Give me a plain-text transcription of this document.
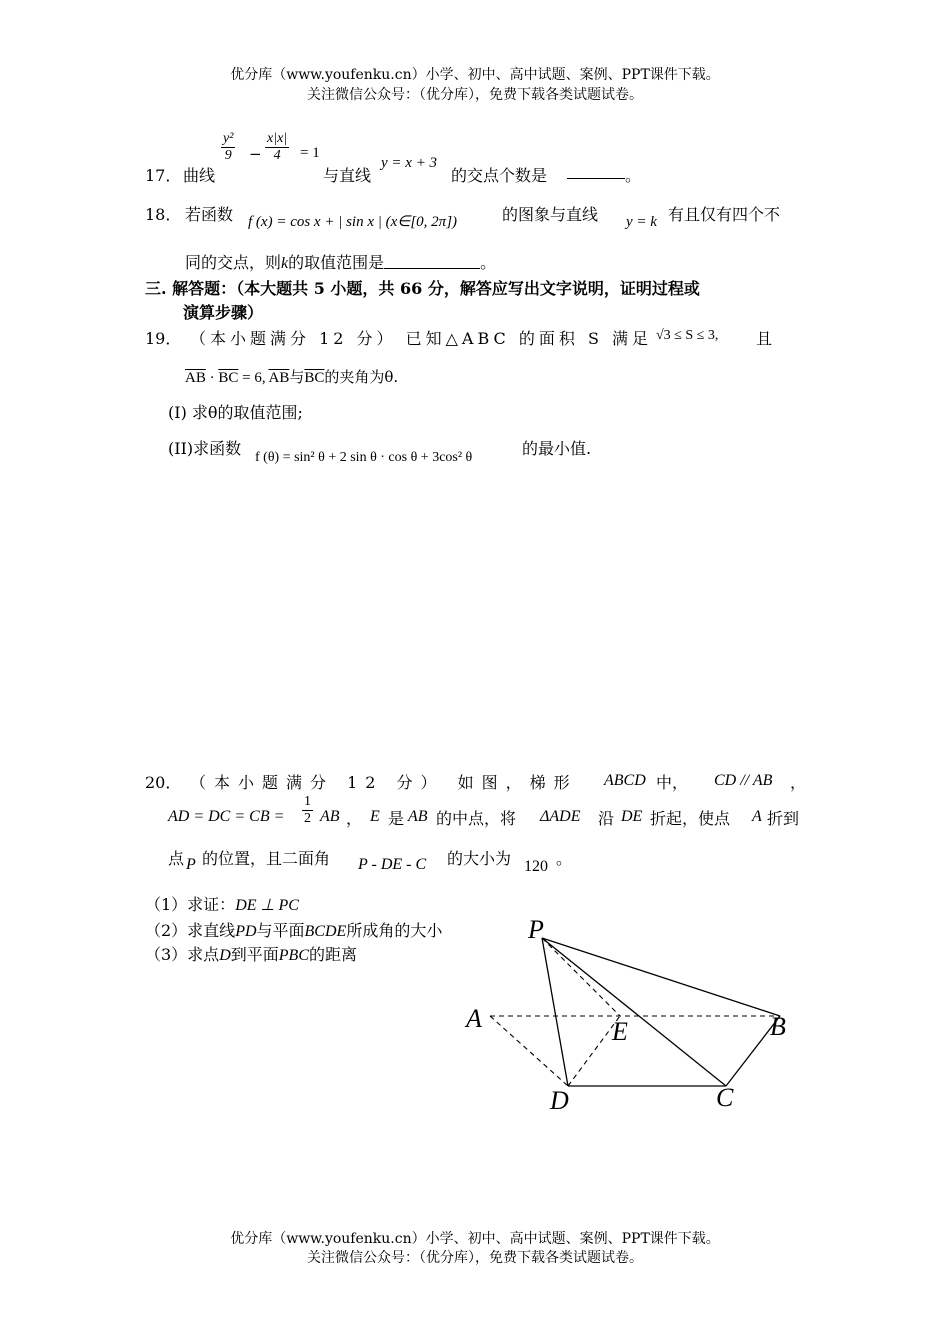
优分库（www.youfenku.cn）小学、初中、高中试题、案例、PPT课件下载。
关注微信公众号：（优分库），免费下载各类试题试卷。
17． 曲线
$\frac{\text{y²}}{9} - \frac{x|x|}{4} = 1$
与直线
y = x + 3
的交点个数是	。
18． 若函数 f (x) = cos x + | sin x | (x∈[0, 2π])	的图象与直线 y = k 有且仅有四个不
同的交点，则k的取值范围是	。
三. 解答题：（本大题共 5 小题，共 66 分，解答应写出文字说明，证明过程或
演算步骤）
19． （本小题满分 12 分） 已知△ABC 的面积 S 满足 √3 ≤ S ≤ 3, 且
$\overline{AB} \cdot \overline{BC} = 6$, $\overline{AB}$与$\overline{BC}$的夹角为θ.
(I) 求θ的取值范围;
(II)求函数 f (θ) = sin² θ + 2 sin θ · cos θ + 3cos² θ	的最小值.
20． （本小题满分 12 分） 如图，梯形 ABCD 中， CD // AB ，
AD = DC = CB = $\frac{1}{2}$ AB ， E 是 AB 的中点，将 ΔADE 沿 DE 折起，使点 A 折到
点 P 的位置，且二面角 P - DE - C 的大小为 120 。
（1）求证：DE ⊥ PC
（2）求直线PD与平面BCDE所成角的大小
（3）求点D到平面PBC的距离
P
A	E	B
D	C
优分库（www.youfenku.cn）小学、初中、高中试题、案例、PPT课件下载。
关注微信公众号：（优分库），免费下载各类试题试卷。
